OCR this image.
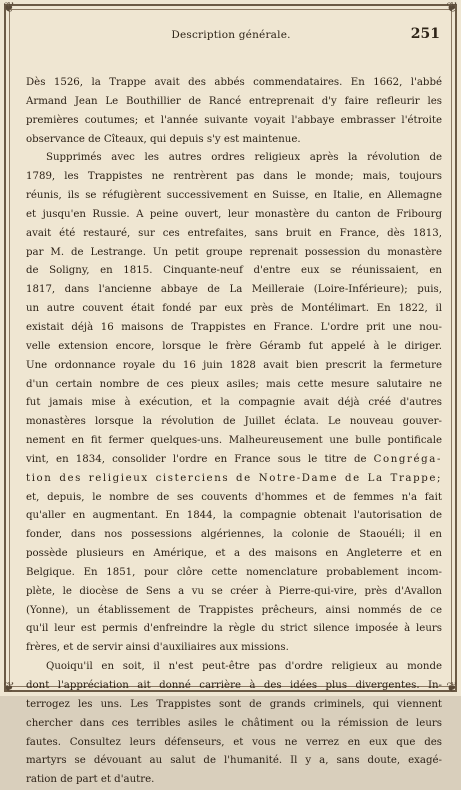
❦	❦
❦	❦
Description générale.	251
Dès 1526, la Trappe avait des abbés commendataires. En 1662, l'abbé
Armand Jean Le Bouthillier de Rancé entreprenait d'y faire refleurir les
premières coutumes; et l'année suivante voyait l'abbaye embrasser l'étroite
observance de Cîteaux, qui depuis s'y est maintenue.
Supprimés avec les autres ordres religieux après la révolution de
1789, les Trappistes ne rentrèrent pas dans le monde; mais, toujours
réunis, ils se réfugièrent successivement en Suisse, en Italie, en Allemagne
et jusqu'en Russie. A peine ouvert, leur monastère du canton de Fribourg
avait été restauré, sur ces entrefaites, sans bruit en France, dès 1813,
par M. de Lestrange. Un petit groupe reprenait possession du monastère
de Soligny, en 1815. Cinquante-neuf d'entre eux se réunissaient, en
1817, dans l'ancienne abbaye de La Meilleraie (Loire-Inférieure); puis,
un autre couvent était fondé par eux près de Montélimart. En 1822, il
existait déjà 16 maisons de Trappistes en France. L'ordre prit une nou-
velle extension encore, lorsque le frère Géramb fut appelé à le diriger.
Une ordonnance royale du 16 juin 1828 avait bien prescrit la fermeture
d'un certain nombre de ces pieux asiles; mais cette mesure salutaire ne
fut jamais mise à exécution, et la compagnie avait déjà créé d'autres
monastères lorsque la révolution de Juillet éclata. Le nouveau gouver-
nement en fit fermer quelques-uns. Malheureusement une bulle pontificale
vint, en 1834, consolider l'ordre en France sous le titre de Congréga-
tion des religieux cisterciens de Notre-Dame de La Trappe;
et, depuis, le nombre de ses couvents d'hommes et de femmes n'a fait
qu'aller en augmentant. En 1844, la compagnie obtenait l'autorisation de
fonder, dans nos possessions algériennes, la colonie de Staouéli; il en
possède plusieurs en Amérique, et a des maisons en Angleterre et en
Belgique. En 1851, pour clôre cette nomenclature probablement incom-
plète, le diocèse de Sens a vu se créer à Pierre-qui-vire, près d'Avallon
(Yonne), un établissement de Trappistes prêcheurs, ainsi nommés de ce
qu'il leur est permis d'enfreindre la règle du strict silence imposée à leurs
frères, et de servir ainsi d'auxiliaires aux missions.
Quoiqu'il en soit, il n'est peut-être pas d'ordre religieux au monde
dont l'appréciation ait donné carrière à des idées plus divergentes. In-
terrogez les uns. Les Trappistes sont de grands criminels, qui viennent
chercher dans ces terribles asiles le châtiment ou la rémission de leurs
fautes. Consultez leurs défenseurs, et vous ne verrez en eux que des
martyrs se dévouant au salut de l'humanité. Il y a, sans doute, exagé-
ration de part et d'autre.
